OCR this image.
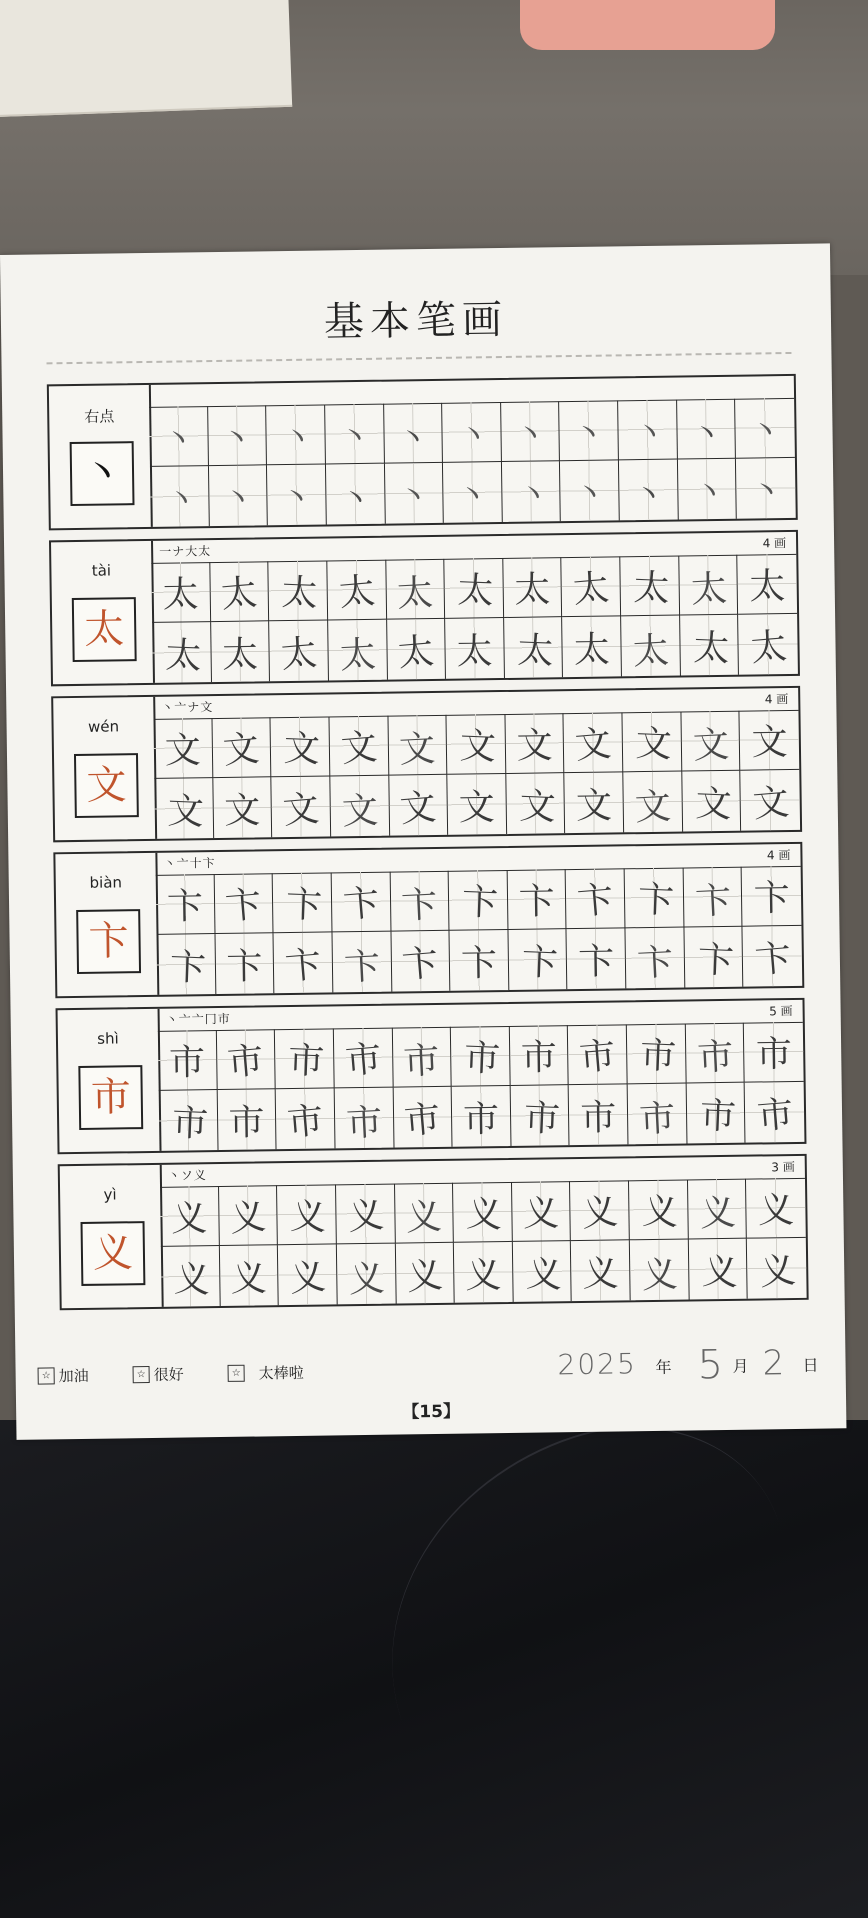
基本笔画
右点
丶
丶 丶 丶 丶 丶 丶 丶 丶 丶 丶 丶
丶 丶 丶 丶 丶 丶 丶 丶 丶 丶 丶
tài
太
一ナ大太
4 画
太 太 太 太 太 太 太 太 太 太 太
太 太 太 太 太 太 太 太 太 太 太
wén
文
丶亠ナ文
4 画
文 文 文 文 文 文 文 文 文 文 文
文 文 文 文 文 文 文 文 文 文 文
biàn
卞
丶亠十卞
4 画
卞 卞 卞 卞 卞 卞 卞 卞 卞 卞 卞
卞 卞 卞 卞 卞 卞 卞 卞 卞 卞 卞
shì
市
丶亠亠冂市
5 画
市 市 市 市 市 市 市 市 市 市 市
市 市 市 市 市 市 市 市 市 市 市
yì
义
丶ソ义
3 画
义 义 义 义 义 义 义 义 义 义 义
义 义 义 义 义 义 义 义 义 义 义
☆ 加油	☆ 很好	☆ 太棒啦	2025 年 5 月 2 日
【15】
